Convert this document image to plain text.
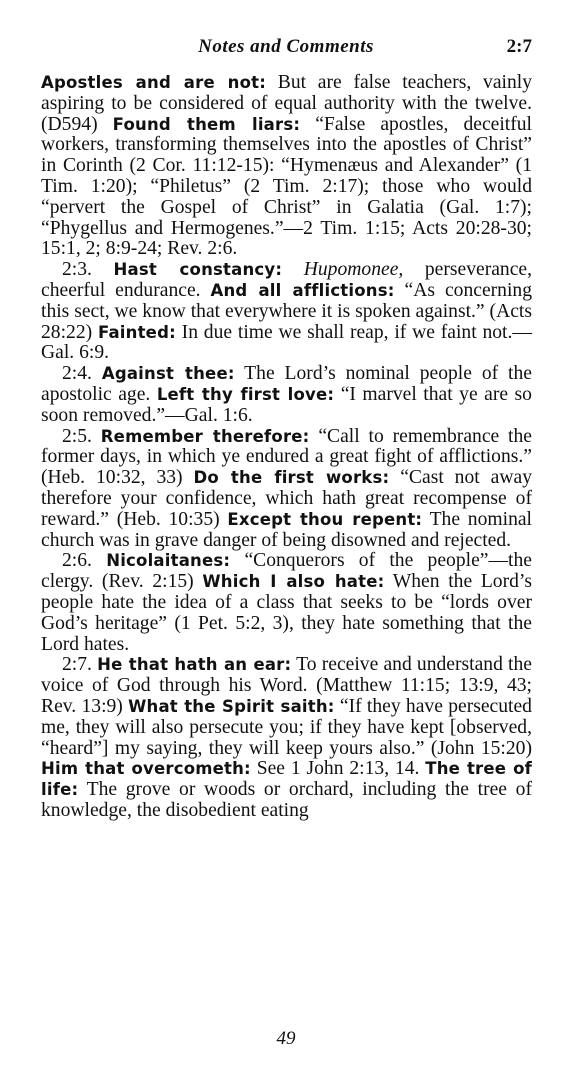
Notes and Comments	2:7

Apostles and are not: But are false teachers, vainly aspiring to be considered of equal authority with the twelve. (D594) Found them liars: “False apostles, deceitful workers, transforming themselves into the apostles of Christ” in Corinth (2 Cor. 11:12-15): “Hymenæus and Alexander” (1 Tim. 1:20); “Philetus” (2 Tim. 2:17); those who would “pervert the Gospel of Christ” in Galatia (Gal. 1:7); “Phygellus and Hermogenes.”—2 Tim. 1:15; Acts 20:28-30; 15:1, 2; 8:9-24; Rev. 2:6.

2:3. Hast constancy: Hupomonee, perseverance, cheerful endurance. And all afflictions: “As concerning this sect, we know that everywhere it is spoken against.” (Acts 28:22) Fainted: In due time we shall reap, if we faint not.—Gal. 6:9.

2:4. Against thee: The Lord’s nominal people of the apostolic age. Left thy first love: “I marvel that ye are so soon removed.”—Gal. 1:6.

2:5. Remember therefore: “Call to remembrance the former days, in which ye endured a great fight of afflictions.” (Heb. 10:32, 33) Do the first works: “Cast not away therefore your confidence, which hath great recompense of reward.” (Heb. 10:35) Except thou repent: The nominal church was in grave danger of being disowned and rejected.

2:6. Nicolaitanes: “Conquerors of the people”—the clergy. (Rev. 2:15) Which I also hate: When the Lord’s people hate the idea of a class that seeks to be “lords over God’s heritage” (1 Pet. 5:2, 3), they hate something that the Lord hates.

2:7. He that hath an ear: To receive and understand the voice of God through his Word. (Matthew 11:15; 13:9, 43; Rev. 13:9) What the Spirit saith: “If they have persecuted me, they will also persecute you; if they have kept [observed, “heard”] my saying, they will keep yours also.” (John 15:20) Him that overcometh: See 1 John 2:13, 14. The tree of life: The grove or woods or orchard, including the tree of knowledge, the disobedient eating

49
